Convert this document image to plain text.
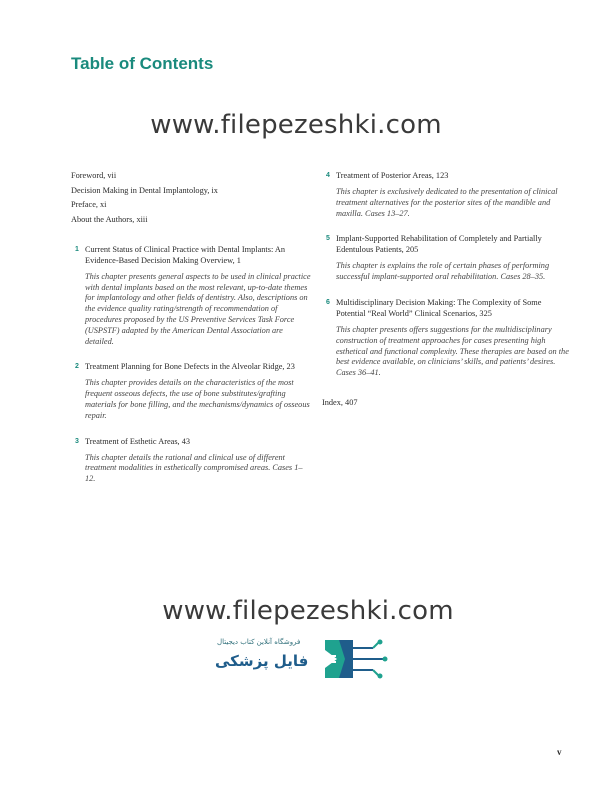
Table of Contents
www.filepezeshki.com
Foreword, vii
Decision Making in Dental Implantology, ix
Preface, xi
About the Authors, xiii
1 Current Status of Clinical Practice with Dental Implants: An Evidence-Based Decision Making Overview, 1
This chapter presents general aspects to be used in clinical practice with dental implants based on the most relevant, up-to-date themes for implantology and other fields of dentistry. Also, descriptions on the evidence quality rating/strength of recommendation of procedures proposed by the US Preventive Services Task Force (USPSTF) adapted by the American Dental Association are detailed.
2 Treatment Planning for Bone Defects in the Alveolar Ridge, 23
This chapter provides details on the characteristics of the most frequent osseous defects, the use of bone substitutes/grafting materials for bone filling, and the mechanisms/dynamics of osseous repair.
3 Treatment of Esthetic Areas, 43
This chapter details the rational and clinical use of different treatment modalities in esthetically compromised areas. Cases 1–12.
4 Treatment of Posterior Areas, 123
This chapter is exclusively dedicated to the presentation of clinical treatment alternatives for the posterior sites of the mandible and maxilla. Cases 13–27.
5 Implant-Supported Rehabilitation of Completely and Partially Edentulous Patients, 205
This chapter is explains the role of certain phases of performing successful implant-supported oral rehabilitation. Cases 28–35.
6 Multidisciplinary Decision Making: The Complexity of Some Potential “Real World” Clinical Scenarios, 325
This chapter presents offers suggestions for the multidisciplinary construction of treatment approaches for cases presenting high esthetical and functional complexity. These therapies are based on the best evidence available, on clinicians’ skills, and patients’ desires. Cases 36–41.
Index, 407
www.filepezeshki.com
فروشگاه آنلاین کتاب دیجیتال
فایل پزشکی
v
